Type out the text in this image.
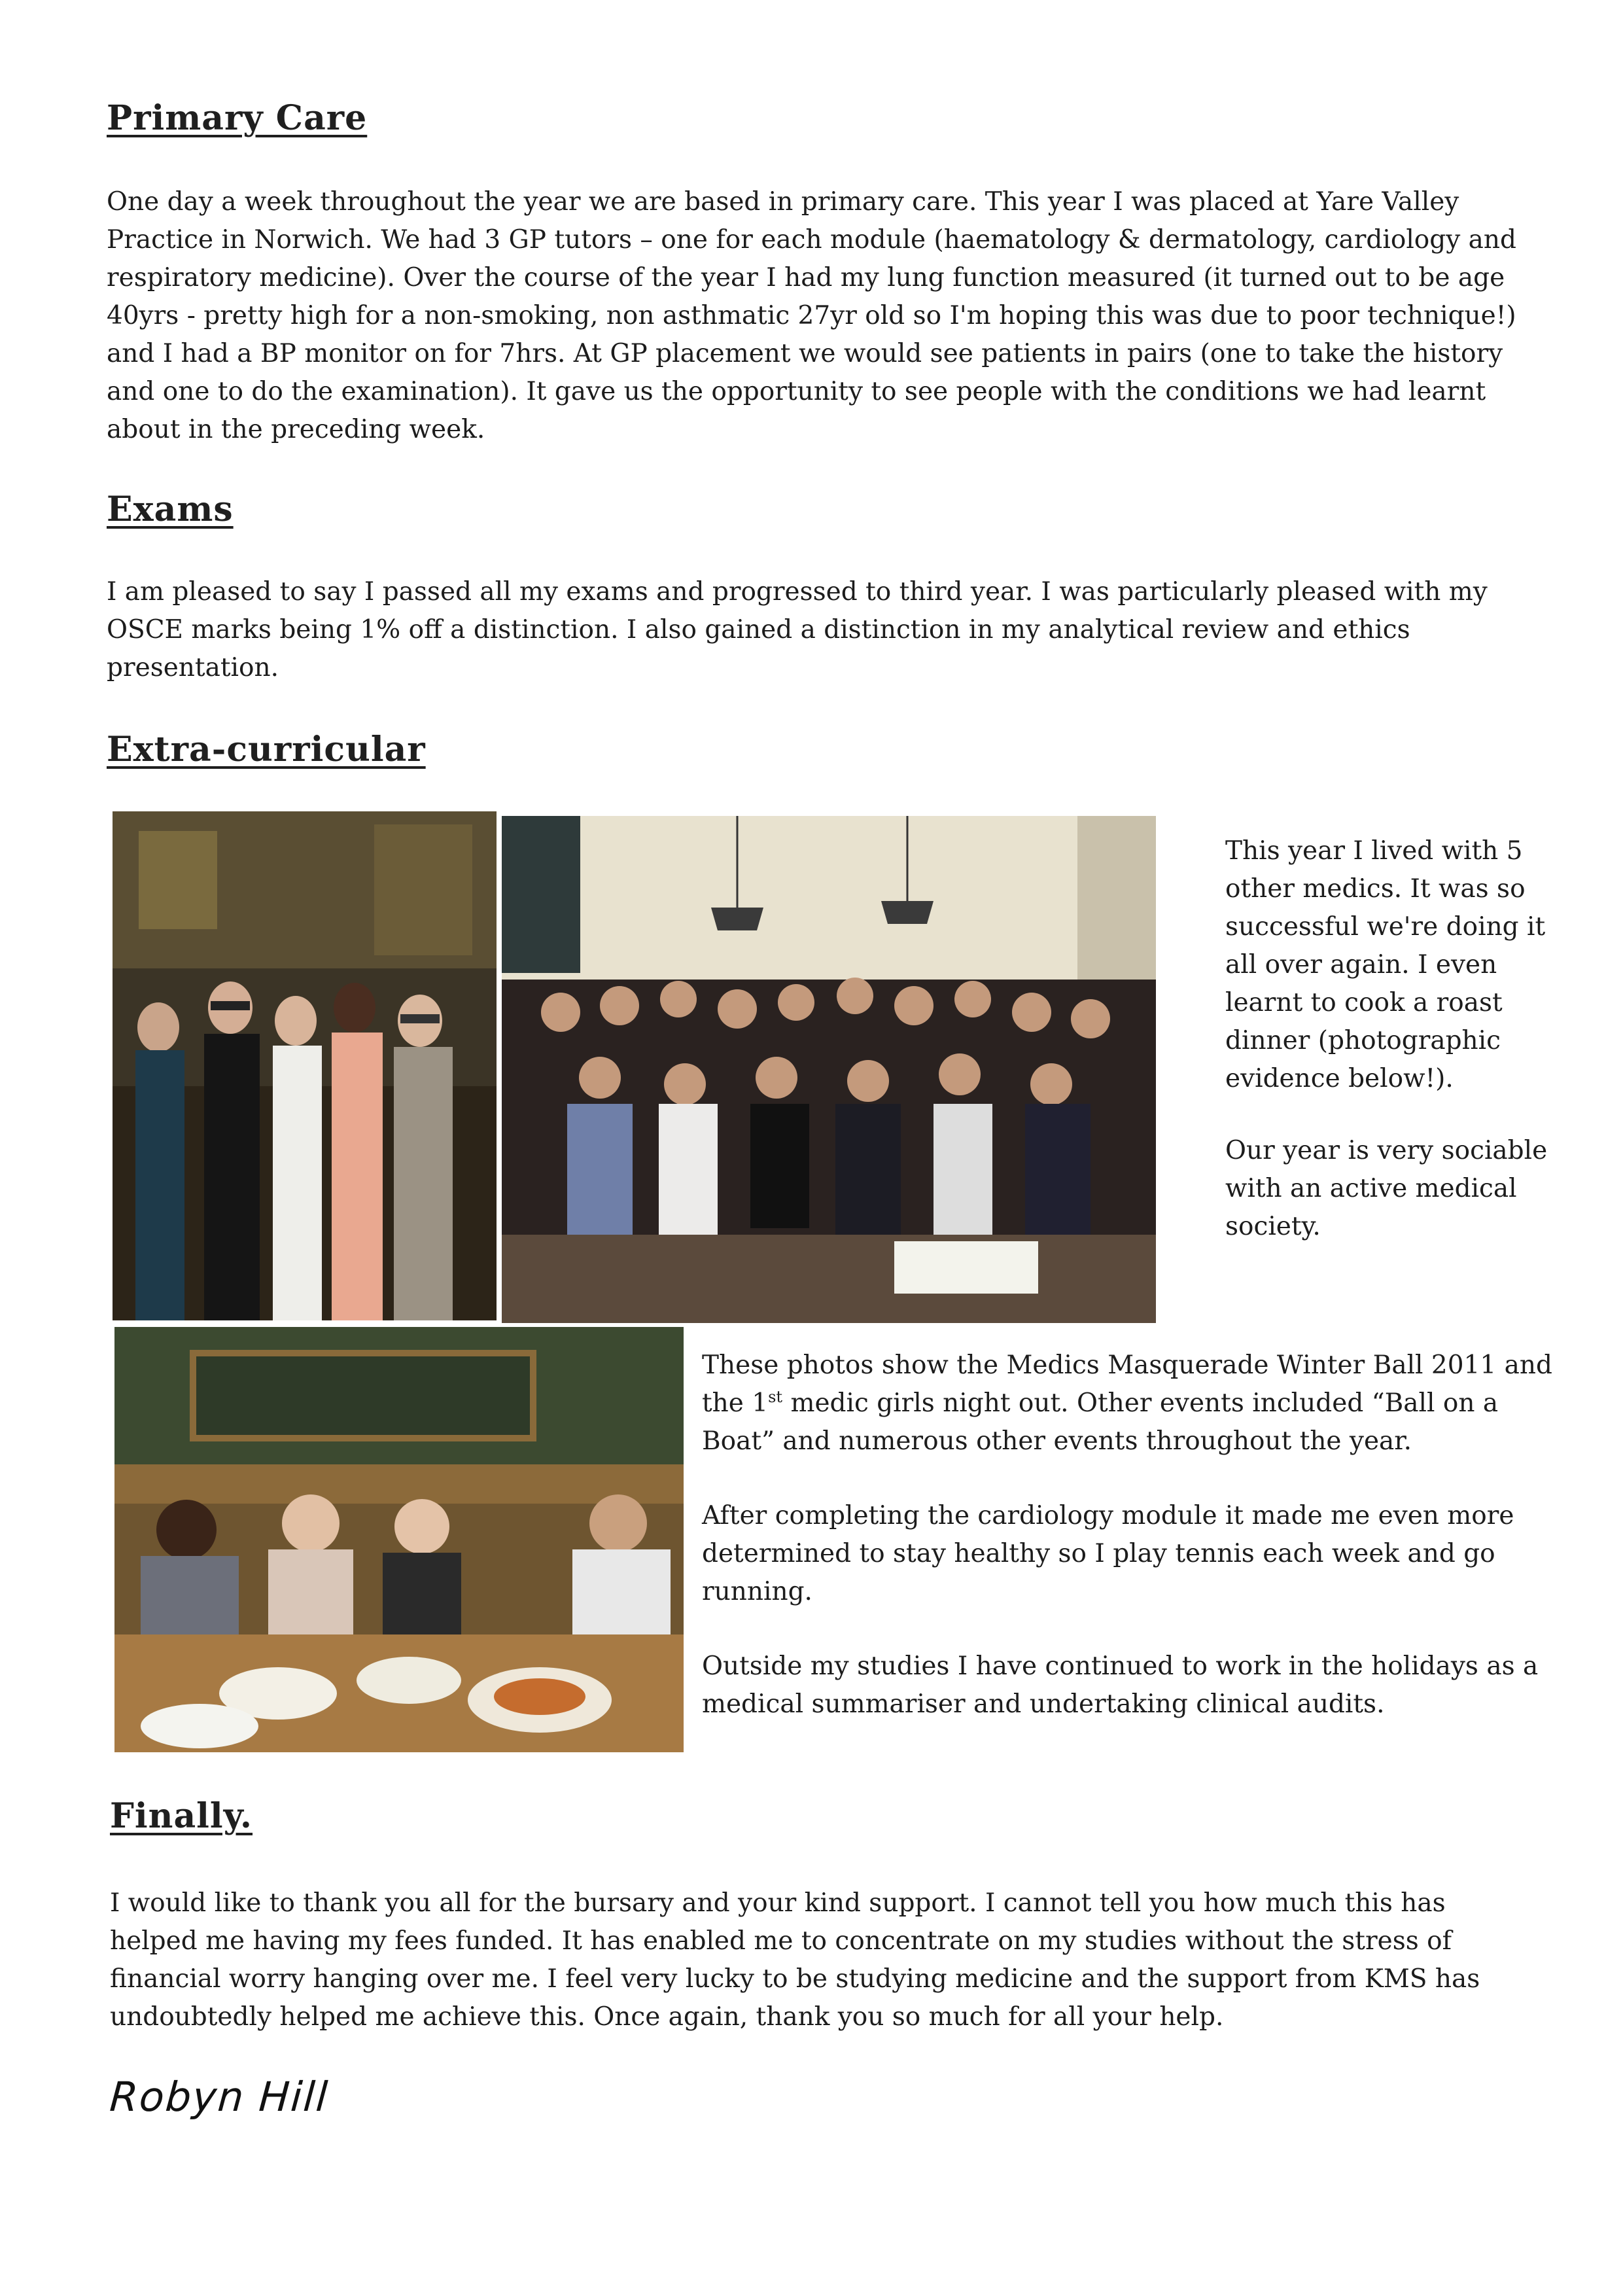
Primary Care

One day a week throughout the year we are based in primary care. This year I was placed at Yare Valley Practice in Norwich. We had 3 GP tutors – one for each module (haematology & dermatology, cardiology and respiratory medicine). Over the course of the year I had my lung function measured (it turned out to be age 40yrs - pretty high for a non-smoking, non asthmatic 27yr old so I'm hoping this was due to poor technique!) and I had a BP monitor on for 7hrs. At GP placement we would see patients in pairs (one to take the history and one to do the examination). It gave us the opportunity to see people with the conditions we had learnt about in the preceding week.

Exams

I am pleased to say I passed all my exams and progressed to third year. I was particularly pleased with my OSCE marks being 1% off a distinction. I also gained a distinction in my analytical review and ethics presentation.

Extra-curricular

This year I lived with 5 other medics. It was so successful we're doing it all over again. I even learnt to cook a roast dinner (photographic evidence below!).

Our year is very sociable with an active medical society.

These photos show the Medics Masquerade Winter Ball 2011 and the 1st medic girls night out. Other events included “Ball on a Boat” and numerous other events throughout the year.

After completing the cardiology module it made me even more determined to stay healthy so I play tennis each week and go running.

Outside my studies I have continued to work in the holidays as a medical summariser and undertaking clinical audits.

Finally.

I would like to thank you all for the bursary and your kind support. I cannot tell you how much this has helped me having my fees funded. It has enabled me to concentrate on my studies without the stress of financial worry hanging over me. I feel very lucky to be studying medicine and the support from KMS has undoubtedly helped me achieve this. Once again, thank you so much for all your help.

Robyn Hill
